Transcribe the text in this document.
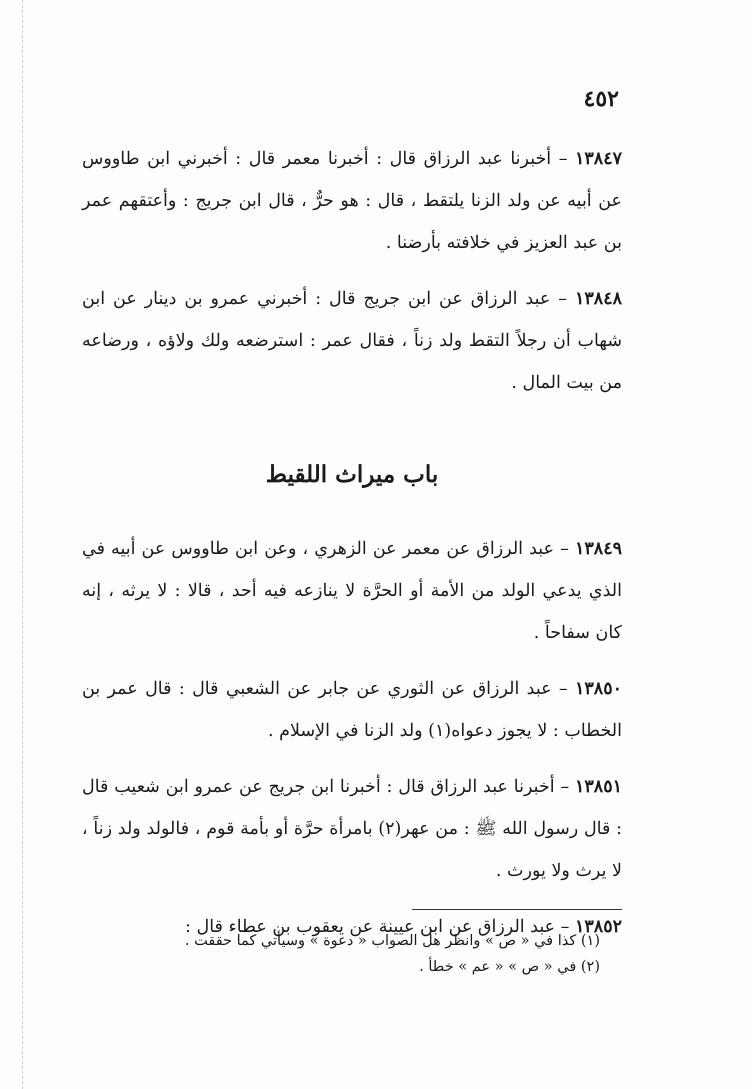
٤٥٢

١٣٨٤٧ – أخبرنا عبد الرزاق قال : أخبرنا معمر قال : أخبرني ابن طاووس عن أبيه عن ولد الزنا يلتقط ، قال : هو حرٌّ ، قال ابن جريج : وأعتقهم عمر بن عبد العزيز في خلافته بأرضنا .

١٣٨٤٨ – عبد الرزاق عن ابن جريج قال : أخبرني عمرو بن دينار عن ابن شهاب أن رجلاً التقط ولد زناً ، فقال عمر : استرضعه ولك ولاؤه ، ورضاعه من بيت المال .

باب ميراث اللقيط

١٣٨٤٩ – عبد الرزاق عن معمر عن الزهري ، وعن ابن طاووس عن أبيه في الذي يدعي الولد من الأمة أو الحرَّة لا ينازعه فيه أحد ، قالا : لا يرثه ، إنه كان سفاحاً .

١٣٨٥٠ – عبد الرزاق عن الثوري عن جابر عن الشعبي قال : قال عمر بن الخطاب : لا يجوز دعواه(١) ولد الزنا في الإسلام .

١٣٨٥١ – أخبرنا عبد الرزاق قال : أخبرنا ابن جريج عن عمرو ابن شعيب قال : قال رسول الله ﷺ : من عهر(٢) بامرأة حرَّة أو بأمة قوم ، فالولد ولد زناً ، لا يرث ولا يورث .

١٣٨٥٢ – عبد الرزاق عن ابن عيينة عن يعقوب بن عطاء قال :

(١) كذا في « ص » وانظر هل الصواب « دعوة » وسيأتي كما حققت .

(٢) في « ص » « عم » خطأ .
